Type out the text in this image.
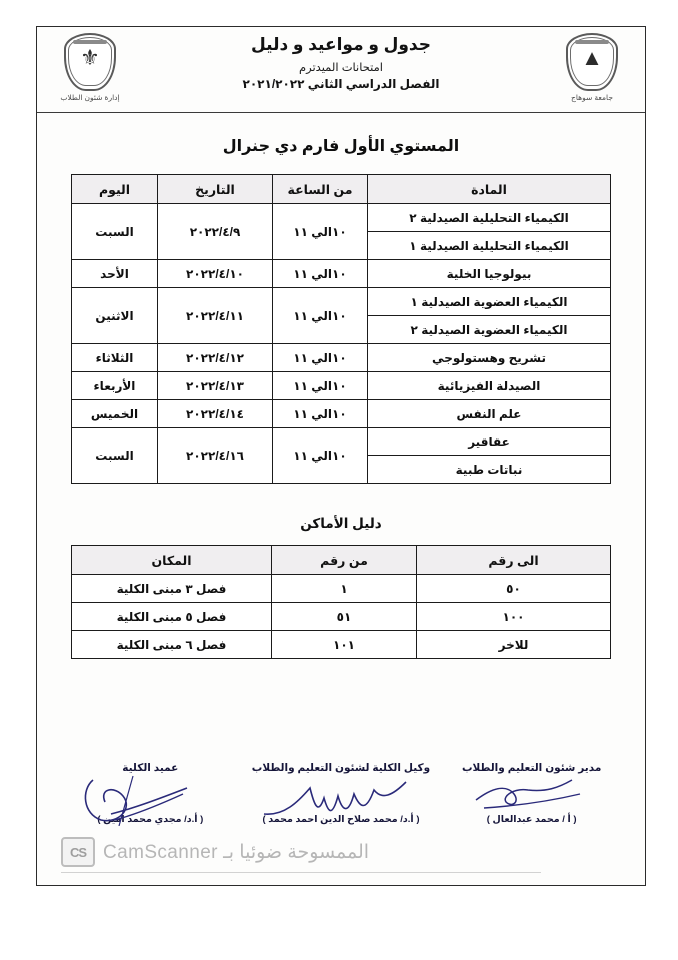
⚜
إدارة شئون الطلاب
جدول و مواعيد و دليل
امتحانات الميدترم
الفصل الدراسي الثاني ٢٠٢١/٢٠٢٢
▲
جامعة سوهاج
المستوي الأول فارم دي جنرال
المادة	من الساعة	التاريخ	اليوم
الكيمياء التحليلية الصيدلية ٢	١٠الي ١١	٢٠٢٢/٤/٩	السبت
الكيمياء التحليلية الصيدلية ١			
بيولوجيا الخلية	١٠الي ١١	٢٠٢٢/٤/١٠	الأحد
الكيمياء العضوية الصيدلية ١	١٠الي ١١	٢٠٢٢/٤/١١	الاثنين
الكيمياء العضوية الصيدلية ٢			
تشريح وهستولوجي	١٠الي ١١	٢٠٢٢/٤/١٢	الثلاثاء
الصيدلة الفيزيائية	١٠الي ١١	٢٠٢٢/٤/١٣	الأربعاء
علم النفس	١٠الي ١١	٢٠٢٢/٤/١٤	الخميس
عقاقير	١٠الي ١١	٢٠٢٢/٤/١٦	السبت
نباتات طبية			
دليل الأماكن
الى رقم	من رقم	المكان
٥٠	١	فصل ٣ مبنى الكلية
١٠٠	٥١	فصل ٥ مبنى الكلية
للاخر	١٠١	فصل ٦ مبنى الكلية
مدير شئون التعليم والطلاب
( أ / محمد عبدالعال )
وكيل الكلية لشئون التعليم والطلاب
( أ.د/ محمد صلاح الدين احمد محمد )
عميد الكلية
( أ.د/ مجدي محمد امين )
الممسوحة ضوئيا بـ CamScanner
CS
